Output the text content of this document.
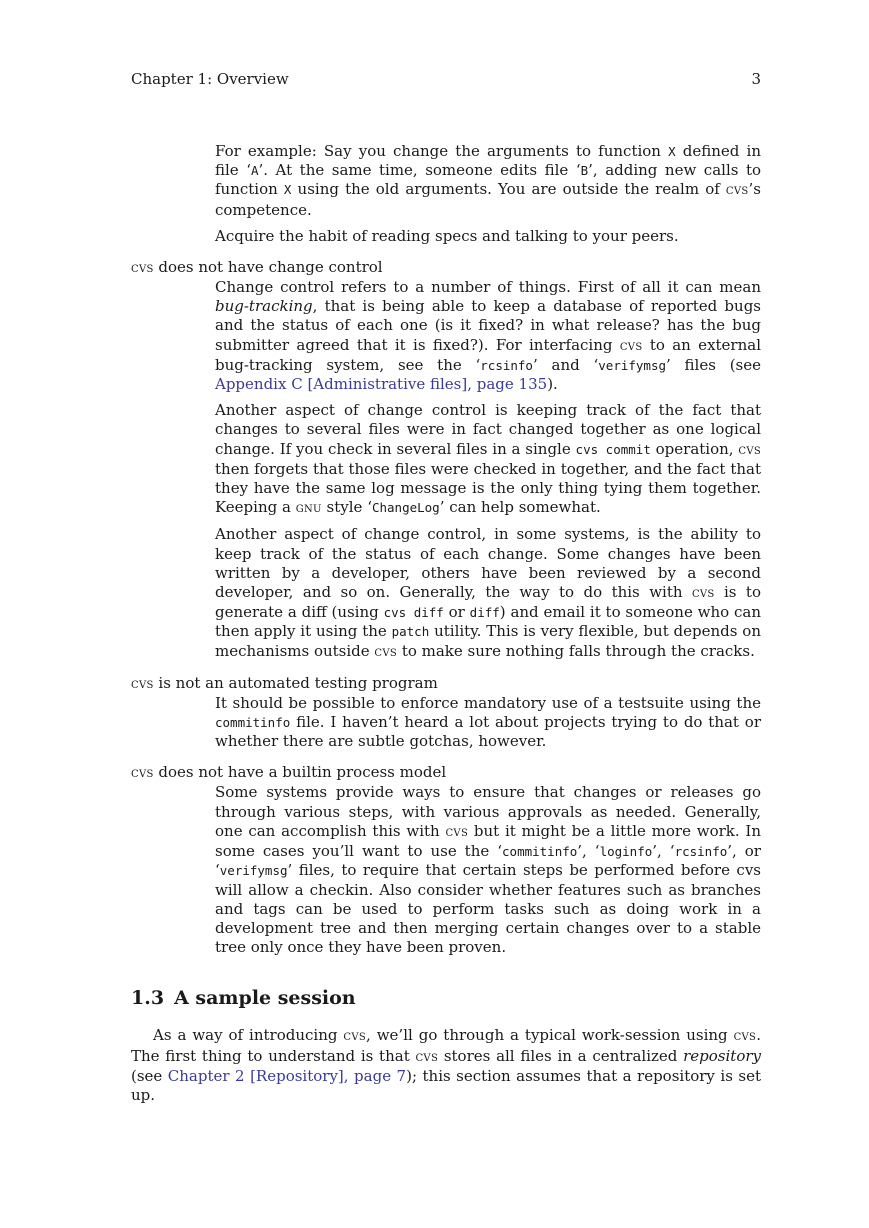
Chapter 1: Overview	3

For example: Say you change the arguments to function X defined in file ‘A’. At the same time, someone edits file ‘B’, adding new calls to function X using the old arguments. You are outside the realm of cvs’s competence.

Acquire the habit of reading specs and talking to your peers.

cvs does not have change control

Change control refers to a number of things. First of all it can mean bug-tracking, that is being able to keep a database of reported bugs and the status of each one (is it fixed? in what release? has the bug submitter agreed that it is fixed?). For interfacing cvs to an external bug-tracking system, see the ‘rcsinfo’ and ‘verifymsg’ files (see Appendix C [Administrative files], page 135).

Another aspect of change control is keeping track of the fact that changes to several files were in fact changed together as one logical change. If you check in several files in a single cvs commit operation, cvs then forgets that those files were checked in together, and the fact that they have the same log message is the only thing tying them together. Keeping a gnu style ‘ChangeLog’ can help somewhat.

Another aspect of change control, in some systems, is the ability to keep track of the status of each change. Some changes have been written by a developer, others have been reviewed by a second developer, and so on. Generally, the way to do this with cvs is to generate a diff (using cvs diff or diff) and email it to someone who can then apply it using the patch utility. This is very flexible, but depends on mechanisms outside cvs to make sure nothing falls through the cracks.

cvs is not an automated testing program

It should be possible to enforce mandatory use of a testsuite using the commitinfo file. I haven’t heard a lot about projects trying to do that or whether there are subtle gotchas, however.

cvs does not have a builtin process model

Some systems provide ways to ensure that changes or releases go through various steps, with various approvals as needed. Generally, one can accomplish this with cvs but it might be a little more work. In some cases you’ll want to use the ‘commitinfo’, ‘loginfo’, ‘rcsinfo’, or ‘verifymsg’ files, to require that certain steps be performed before cvs will allow a checkin. Also consider whether features such as branches and tags can be used to perform tasks such as doing work in a development tree and then merging certain changes over to a stable tree only once they have been proven.

1.3 A sample session

As a way of introducing cvs, we’ll go through a typical work-session using cvs. The first thing to understand is that cvs stores all files in a centralized repository (see Chapter 2 [Repository], page 7); this section assumes that a repository is set up.
